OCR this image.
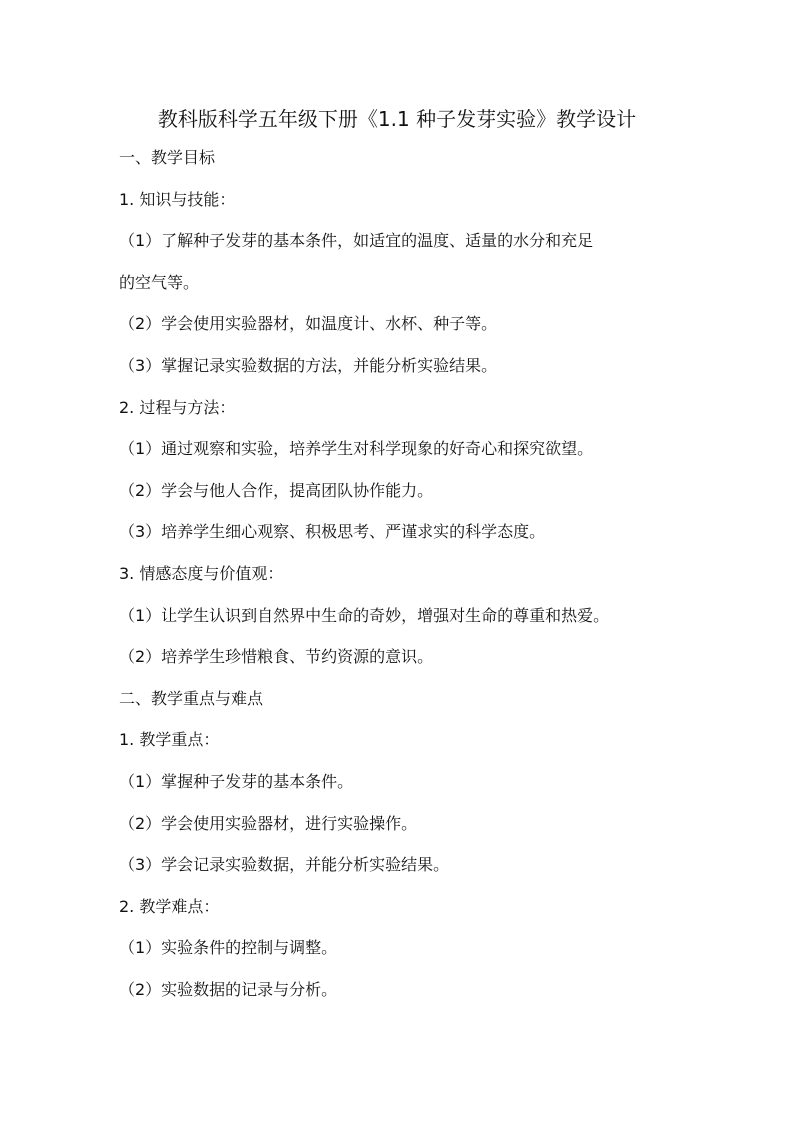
教科版科学五年级下册《1.1 种子发芽实验》教学设计
一、教学目标
1. 知识与技能：
（1）了解种子发芽的基本条件，如适宜的温度、适量的水分和充足
的空气等。
（2）学会使用实验器材，如温度计、水杯、种子等。
（3）掌握记录实验数据的方法，并能分析实验结果。
2. 过程与方法：
（1）通过观察和实验，培养学生对科学现象的好奇心和探究欲望。
（2）学会与他人合作，提高团队协作能力。
（3）培养学生细心观察、积极思考、严谨求实的科学态度。
3. 情感态度与价值观：
（1）让学生认识到自然界中生命的奇妙，增强对生命的尊重和热爱。
（2）培养学生珍惜粮食、节约资源的意识。
二、教学重点与难点
1. 教学重点：
（1）掌握种子发芽的基本条件。
（2）学会使用实验器材，进行实验操作。
（3）学会记录实验数据，并能分析实验结果。
2. 教学难点：
（1）实验条件的控制与调整。
（2）实验数据的记录与分析。
